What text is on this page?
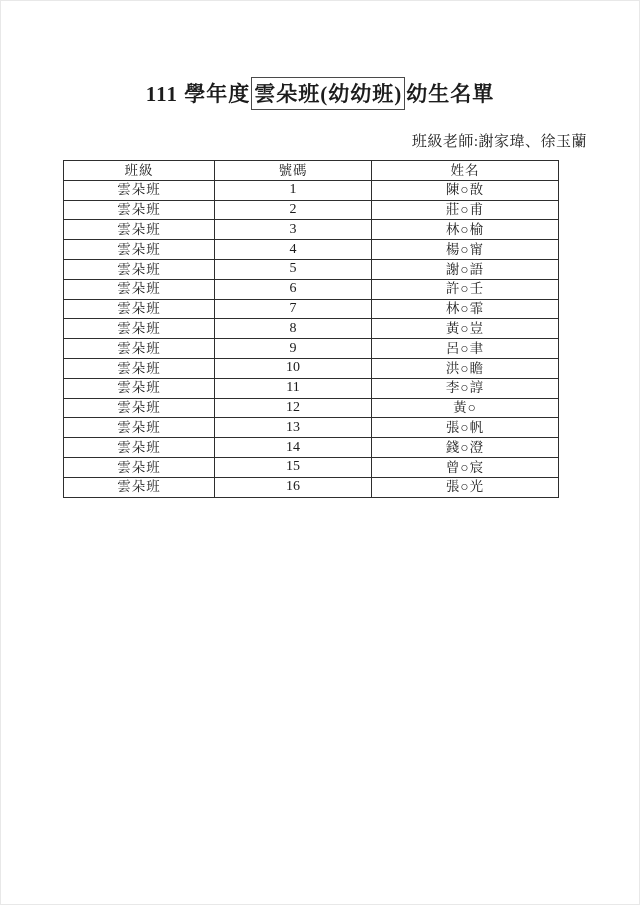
111 學年度 雲朵班(幼幼班) 幼生名單
班級老師:謝家瑋、徐玉蘭
班級	號碼	姓名
雲朵班	1	陳○敔
雲朵班	2	莊○甫
雲朵班	3	林○榆
雲朵班	4	楊○甯
雲朵班	5	謝○語
雲朵班	6	許○壬
雲朵班	7	林○霏
雲朵班	8	黃○豈
雲朵班	9	呂○聿
雲朵班	10	洪○瞻
雲朵班	11	李○諄
雲朵班	12	黃○
雲朵班	13	張○帆
雲朵班	14	錢○澄
雲朵班	15	曾○宸
雲朵班	16	張○光
